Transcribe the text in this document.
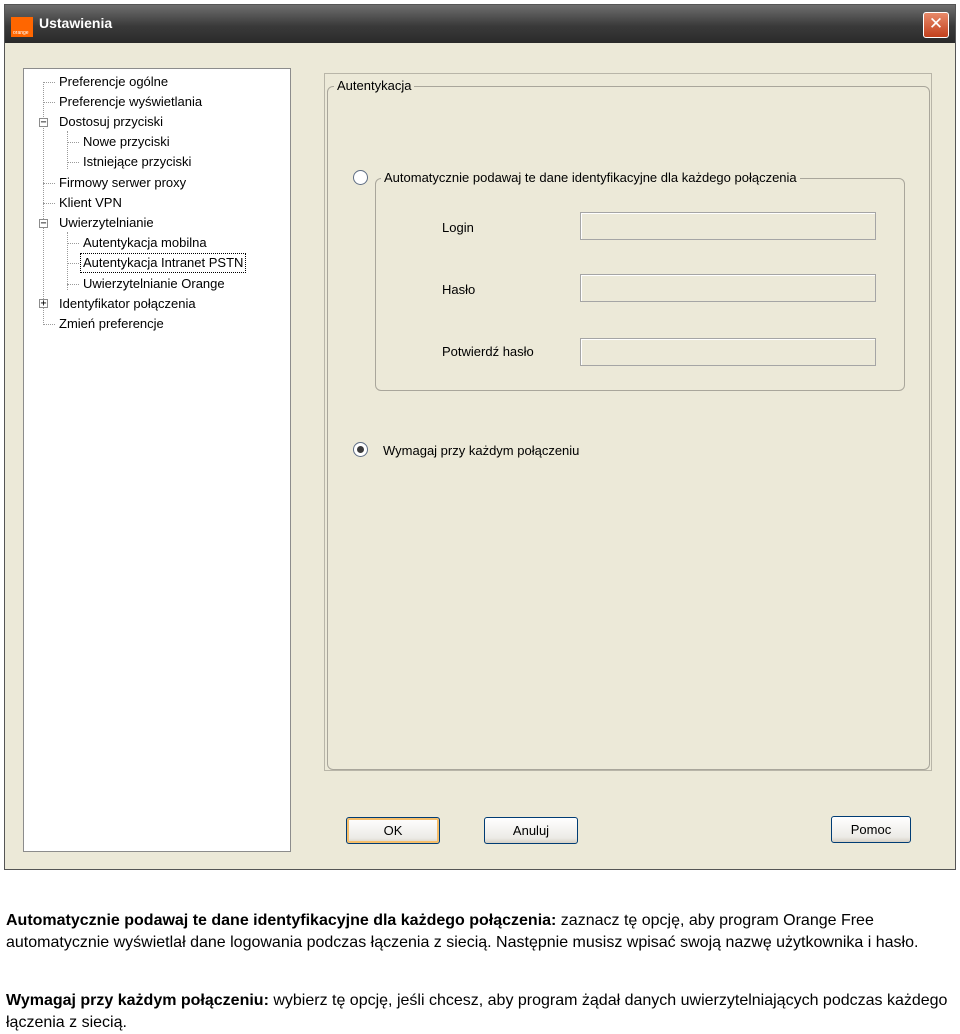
orange
Ustawienia	✕
−
−
+
Preferencje ogólne
Preferencje wyświetlania
Dostosuj przyciski
Nowe przyciski
Istniejące przyciski
Firmowy serwer proxy
Klient VPN
Uwierzytelnianie
Autentykacja mobilna
Autentykacja Intranet PSTN
Uwierzytelnianie Orange
Identyfikator połączenia
Zmień preferencje
Autentykacja
Automatycznie podawaj te dane identyfikacyjne dla każdego połączenia
Login
Hasło
Potwierdź hasło
Wymagaj przy każdym połączeniu
OK	Anuluj	Pomoc
Automatycznie podawaj te dane identyfikacyjne dla każdego połączenia: zaznacz tę opcję, aby program Orange Free automatycznie wyświetlał dane logowania podczas łączenia z siecią. Następnie musisz wpisać swoją nazwę użytkownika i hasło.
Wymagaj przy każdym połączeniu: wybierz tę opcję, jeśli chcesz, aby program żądał danych uwierzytelniających podczas każdego łączenia z siecią.
